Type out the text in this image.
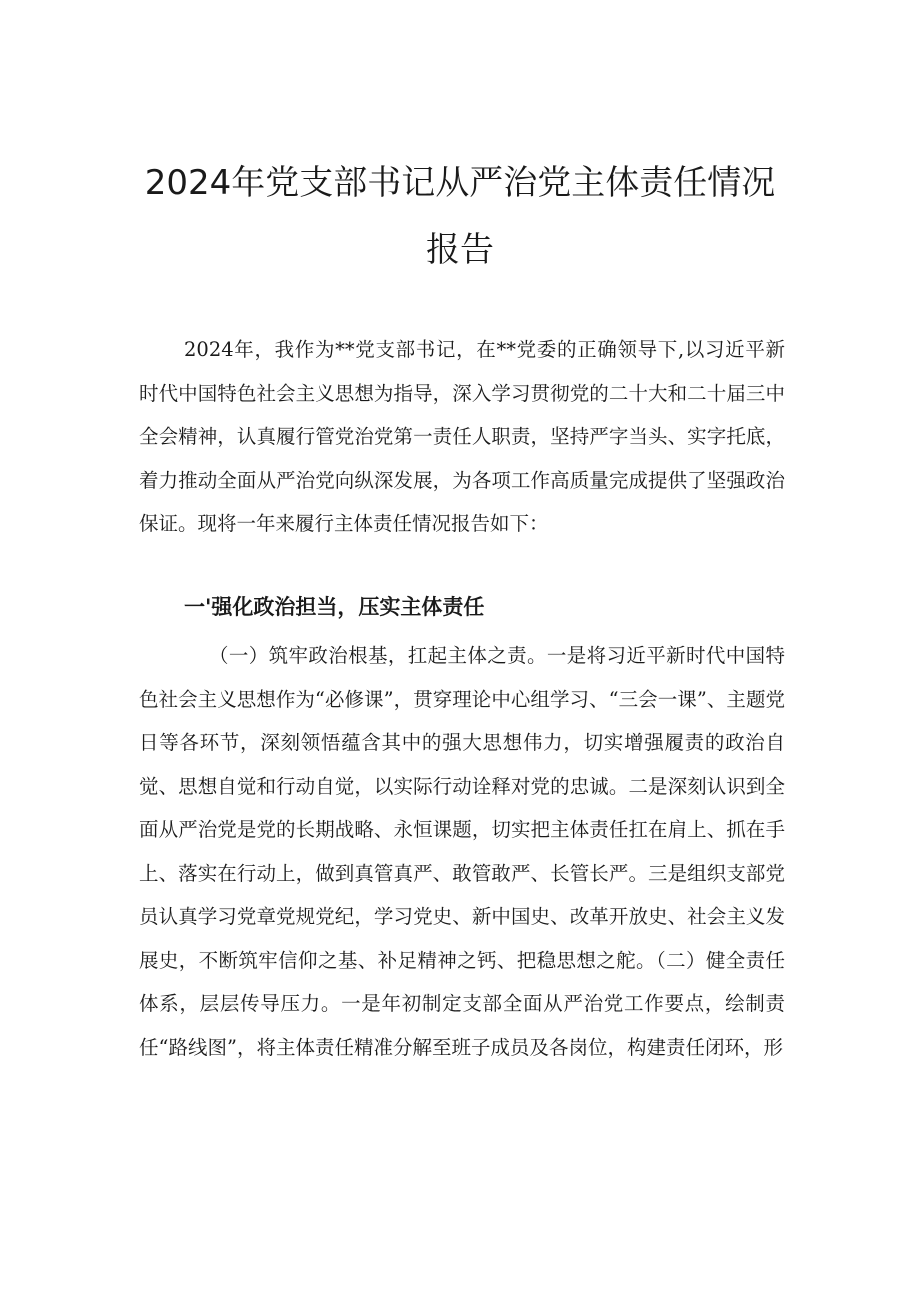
2024年党支部书记从严治党主体责任情况
报告

2024年，我作为**党支部书记，在**党委的正确领导下,以习近平新时代中国特色社会主义思想为指导，深入学习贯彻党的二十大和二十届三中全会精神，认真履行管党治党第一责任人职责，坚持严字当头、实字托底，着力推动全面从严治党向纵深发展，为各项工作高质量完成提供了坚强政治保证。现将一年来履行主体责任情况报告如下：

一'强化政治担当，压实主体责任

（一）筑牢政治根基，扛起主体之责。一是将习近平新时代中国特色社会主义思想作为“必修课”，贯穿理论中心组学习、“三会一课”、主题党日等各环节，深刻领悟蕴含其中的强大思想伟力，切实增强履责的政治自觉、思想自觉和行动自觉，以实际行动诠释对党的忠诚。二是深刻认识到全面从严治党是党的长期战略、永恒课题，切实把主体责任扛在肩上、抓在手上、落实在行动上，做到真管真严、敢管敢严、长管长严。三是组织支部党员认真学习党章党规党纪，学习党史、新中国史、改革开放史、社会主义发展史，不断筑牢信仰之基、补足精神之钙、把稳思想之舵。（二）健全责任体系，层层传导压力。一是年初制定支部全面从严治党工作要点，绘制责任“路线图”，将主体责任精准分解至班子成员及各岗位，构建责任闭环，形
